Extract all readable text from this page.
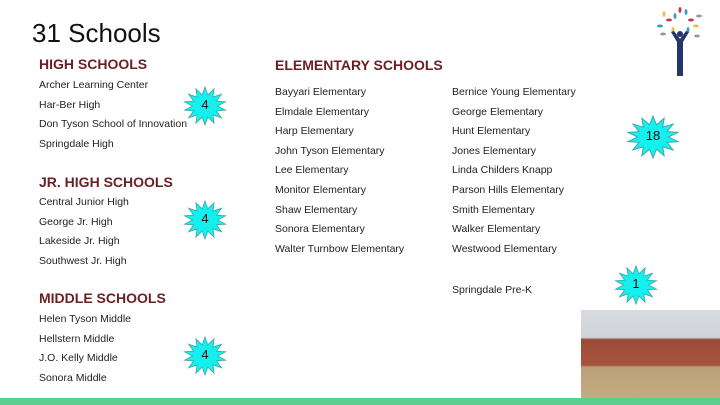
31 Schools
HIGH SCHOOLS
Archer Learning Center
Har-Ber High
Don Tyson School of Innovation
Springdale High
JR. HIGH SCHOOLS
Central Junior High
George Jr. High
Lakeside Jr. High
Southwest Jr. High
MIDDLE SCHOOLS
Helen Tyson Middle
Hellstern Middle
J.O. Kelly Middle
Sonora Middle
ELEMENTARY SCHOOLS
Bayyari Elementary
Elmdale Elementary
Harp Elementary
John Tyson Elementary
Lee Elementary
Monitor Elementary
Shaw Elementary
Sonora Elementary
Walter Turnbow Elementary
Bernice Young Elementary
George Elementary
Hunt Elementary
Jones Elementary
Linda Childers Knapp
Parson Hills Elementary
Smith Elementary
Walker Elementary
Westwood Elementary
Springdale Pre-K
4
4
4
18
1
